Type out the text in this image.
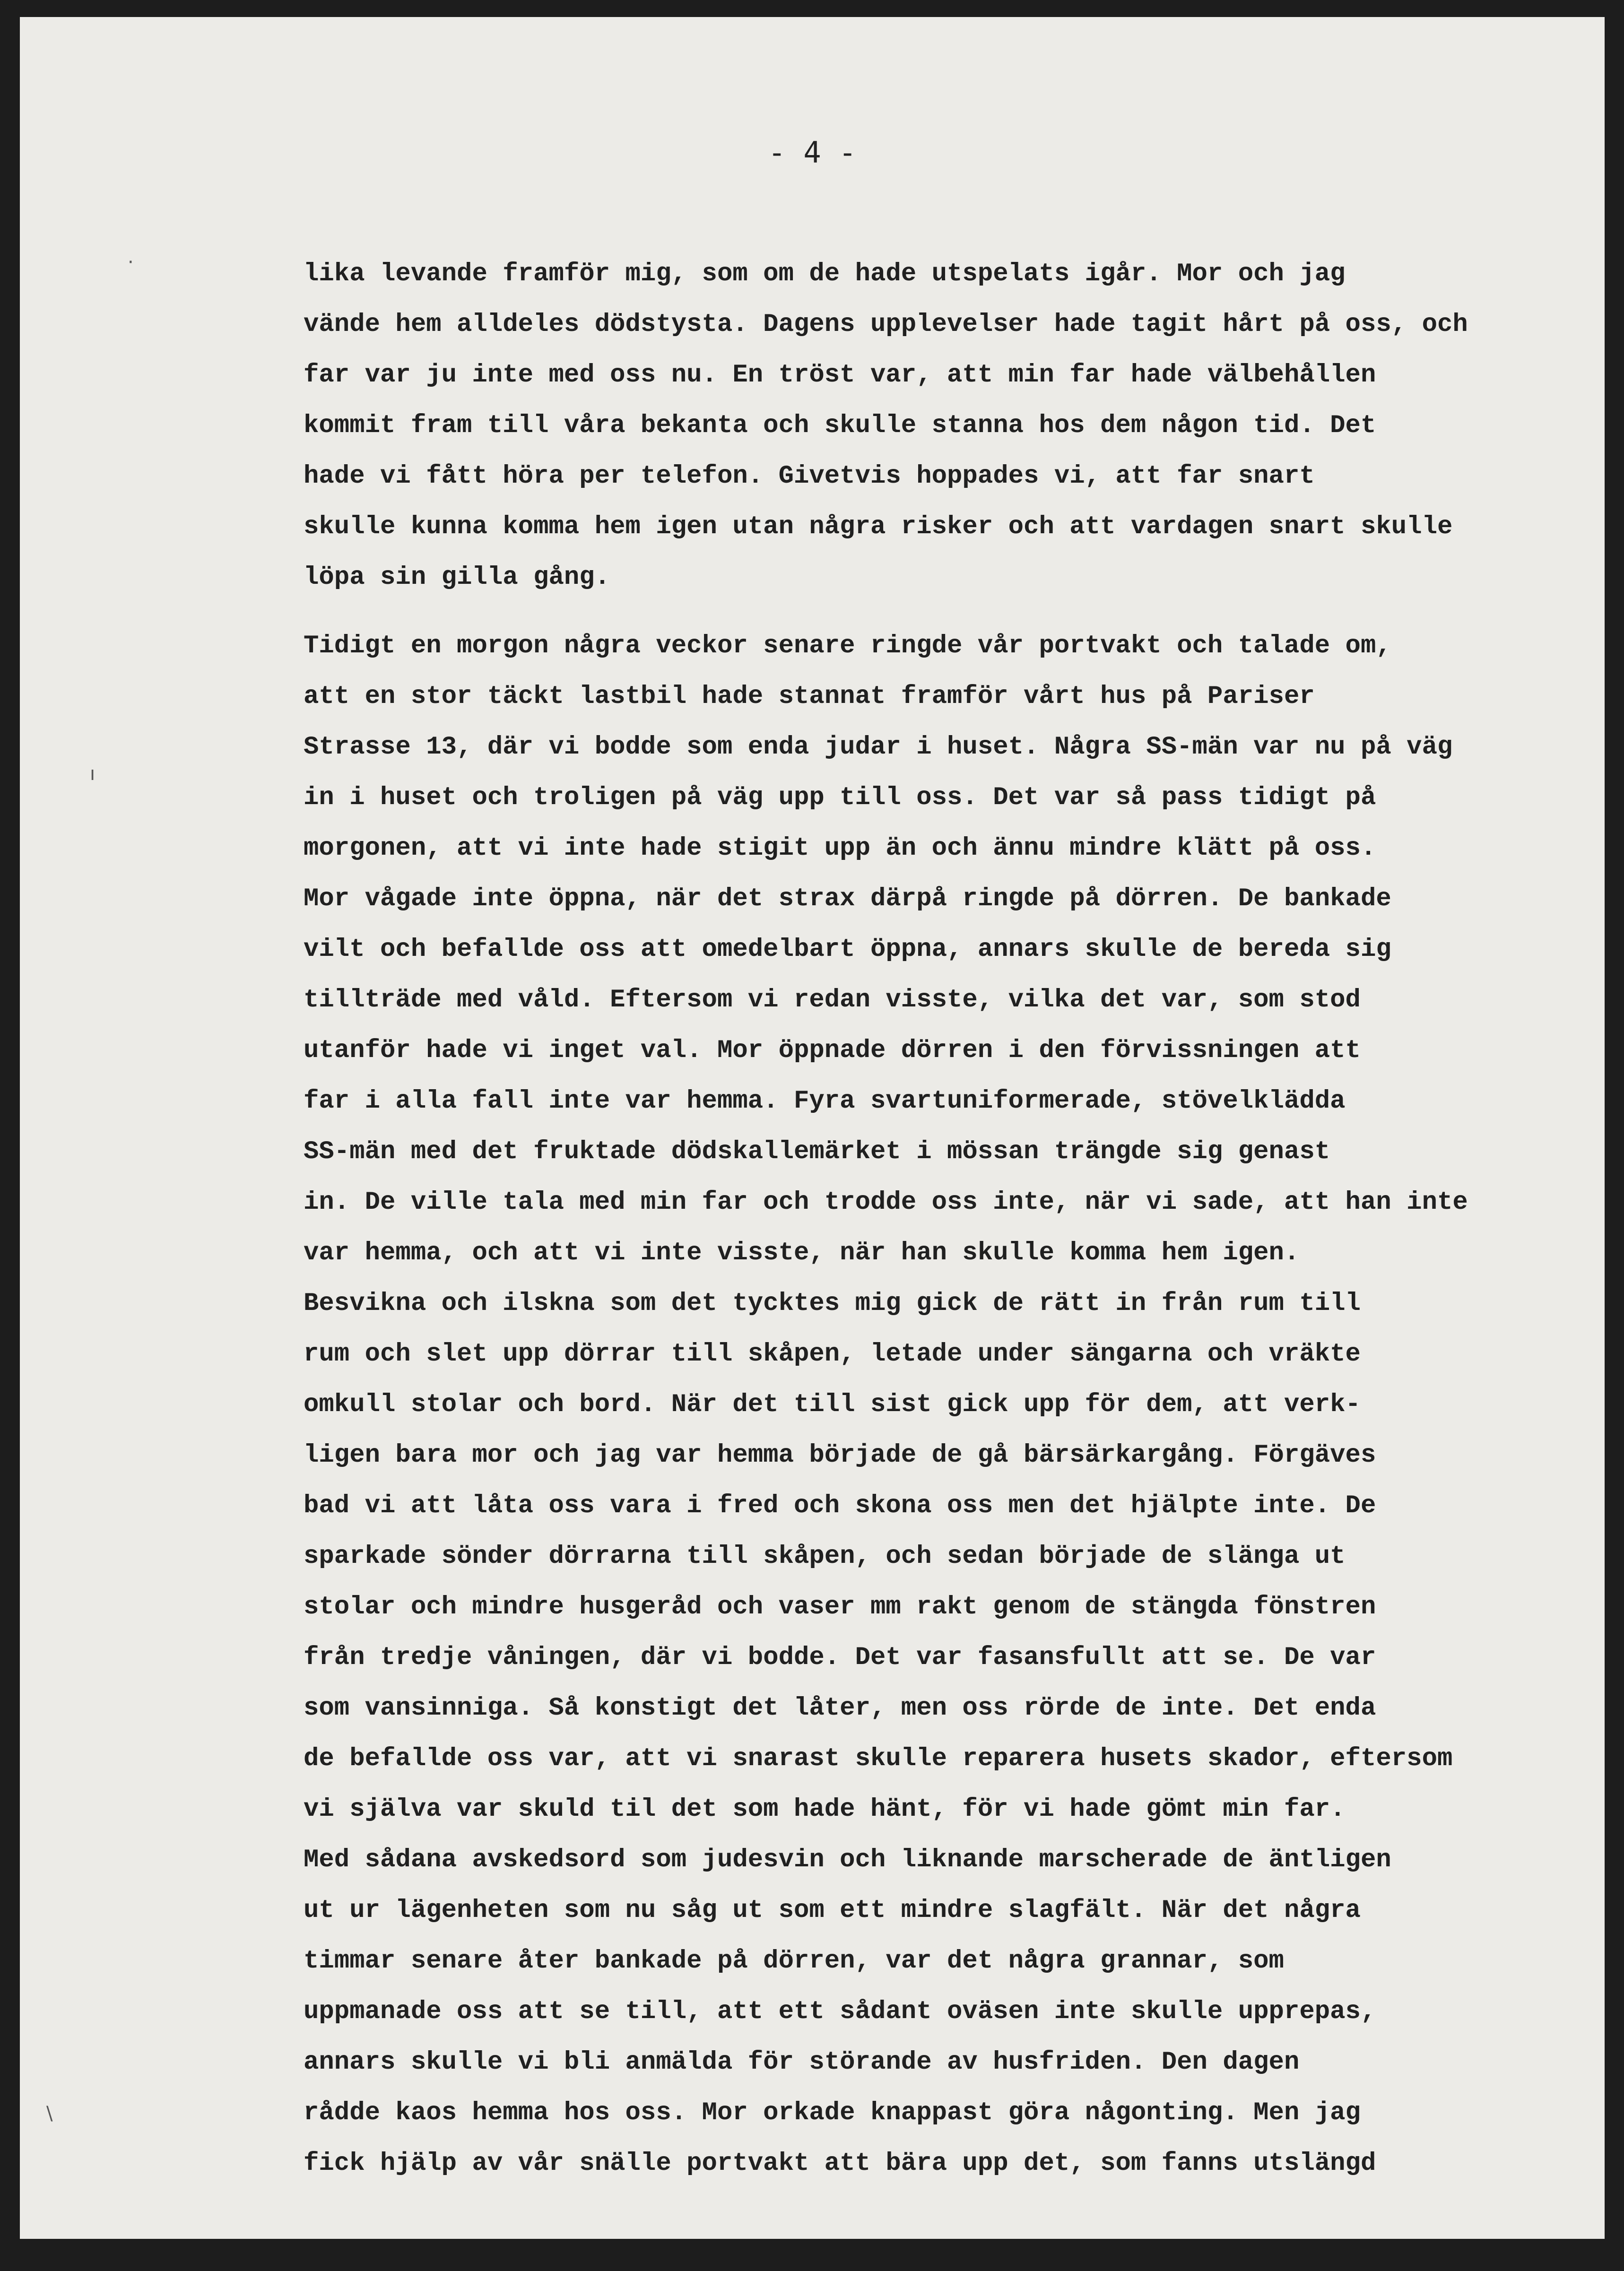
- 4 -
·
ı
\
lika levande framför mig, som om de hade utspelats igår. Mor och jag
vände hem alldeles dödstysta. Dagens upplevelser hade tagit hårt på oss, och
far var ju inte med oss nu. En tröst var, att min far hade välbehållen
kommit fram till våra bekanta och skulle stanna hos dem någon tid. Det
hade vi fått höra per telefon. Givetvis hoppades vi, att far snart
skulle kunna komma hem igen utan några risker och att vardagen snart skulle
löpa sin gilla gång.
Tidigt en morgon några veckor senare ringde vår portvakt och talade om,
att en stor täckt lastbil hade stannat framför vårt hus på Pariser
Strasse 13, där vi bodde som enda judar i huset. Några SS-män var nu på väg
in i huset och troligen på väg upp till oss. Det var så pass tidigt på
morgonen, att vi inte hade stigit upp än och ännu mindre klätt på oss.
Mor vågade inte öppna, när det strax därpå ringde på dörren. De bankade
vilt och befallde oss att omedelbart öppna, annars skulle de bereda sig
tillträde med våld. Eftersom vi redan visste, vilka det var, som stod
utanför hade vi inget val. Mor öppnade dörren i den förvissningen att
far i alla fall inte var hemma. Fyra svartuniformerade, stövelklädda
SS-män med det fruktade dödskallemärket i mössan trängde sig genast
in. De ville tala med min far och trodde oss inte, när vi sade, att han inte
var hemma, och att vi inte visste, när han skulle komma hem igen.
Besvikna och ilskna som det tycktes mig gick de rätt in från rum till
rum och slet upp dörrar till skåpen, letade under sängarna och vräkte
omkull stolar och bord. När det till sist gick upp för dem, att verk-
ligen bara mor och jag var hemma började de gå bärsärkargång. Förgäves
bad vi att låta oss vara i fred och skona oss men det hjälpte inte. De
sparkade sönder dörrarna till skåpen, och sedan började de slänga ut
stolar och mindre husgeråd och vaser mm rakt genom de stängda fönstren
från tredje våningen, där vi bodde. Det var fasansfullt att se. De var
som vansinniga. Så konstigt det låter, men oss rörde de inte. Det enda
de befallde oss var, att vi snarast skulle reparera husets skador, eftersom
vi själva var skuld til det som hade hänt, för vi hade gömt min far.
Med sådana avskedsord som judesvin och liknande marscherade de äntligen
ut ur lägenheten som nu såg ut som ett mindre slagfält. När det några
timmar senare åter bankade på dörren, var det några grannar, som
uppmanade oss att se till, att ett sådant oväsen inte skulle upprepas,
annars skulle vi bli anmälda för störande av husfriden. Den dagen
rådde kaos hemma hos oss. Mor orkade knappast göra någonting. Men jag
fick hjälp av vår snälle portvakt att bära upp det, som fanns utslängd
